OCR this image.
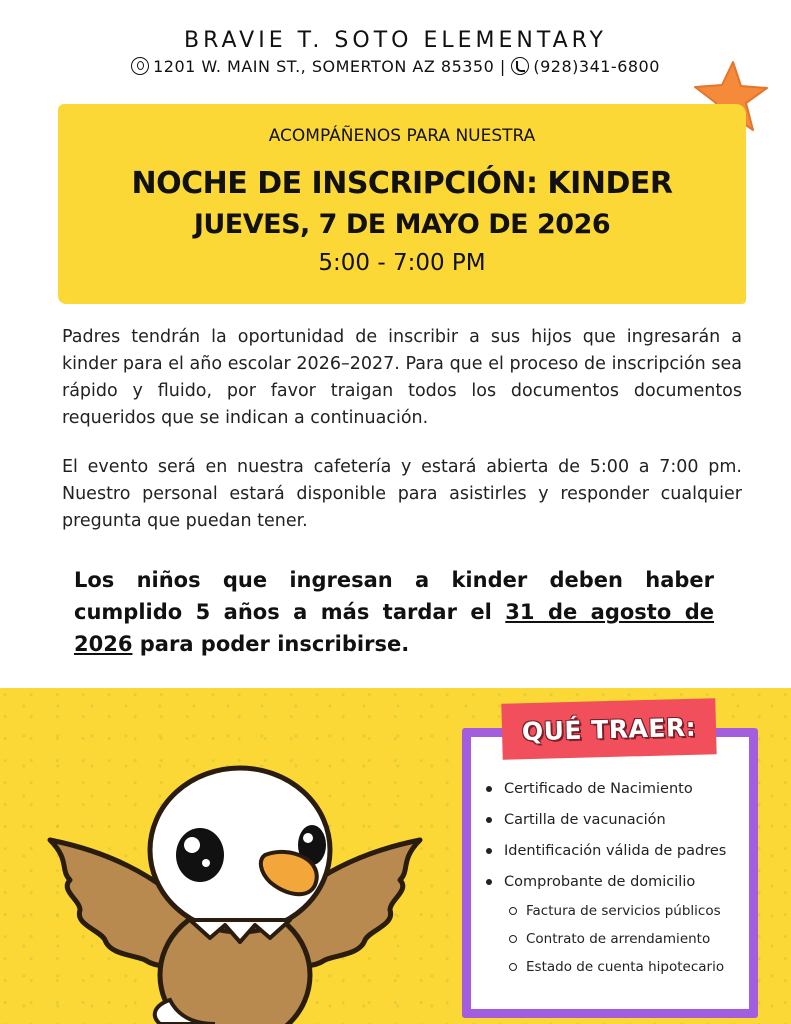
BRAVIE T. SOTO ELEMENTARY
1201 W. MAIN ST., SOMERTON AZ 85350 | (928)341-6800
ACOMPÁÑENOS PARA NUESTRA
NOCHE DE INSCRIPCIÓN: KINDER
JUEVES, 7 DE MAYO DE 2026
5:00 - 7:00 PM

Padres tendrán la oportunidad de inscribir a sus hijos que ingresarán a kinder para el año escolar 2026–2027. Para que el proceso de inscripción sea rápido y fluido, por favor traigan todos los documentos documentos requeridos que se indican a continuación.

El evento será en nuestra cafetería y estará abierta de 5:00 a 7:00 pm. Nuestro personal estará disponible para asistirles y responder cualquier pregunta que puedan tener.

Los niños que ingresan a kinder deben haber cumplido 5 años a más tardar el 31 de agosto de 2026 para poder inscribirse.

QUÉ TRAER:
Certificado de Nacimiento
Cartilla de vacunación
Identificación válida de padres
Comprobante de domicilio
Factura de servicios públicos
Contrato de arrendamiento
Estado de cuenta hipotecario
